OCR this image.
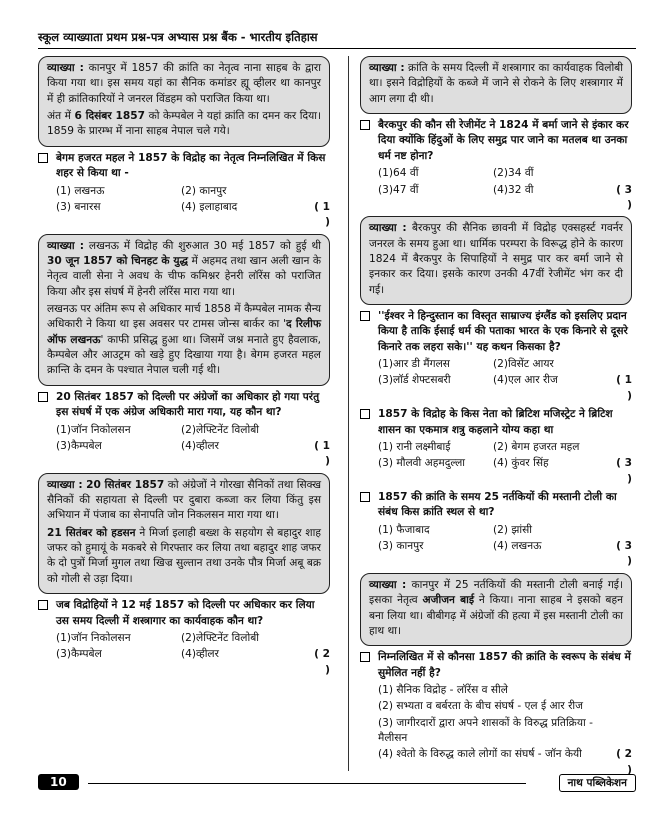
स्कूल व्याख्याता प्रथम प्रश्न-पत्र अभ्यास प्रश्न बैंक - भारतीय इतिहास

व्याख्या : कानपुर में 1857 की क्रांति का नेतृत्व नाना साहब के द्वारा किया गया था। इस समय यहां का सैनिक कमांडर ह्यू व्हीलर था कानपुर में ही क्रांतिकारियों ने जनरल विंडहम को पराजित किया था।

अंत में 6 दिसंबर 1857 को केम्पबेल ने यहां क्रांति का दमन कर दिया। 1859 के प्रारम्भ में नाना साहब नेपाल चले गये।

बेगम हजरत महल ने 1857 के विद्रोह का नेतृत्व निम्नलिखित में किस शहर से किया था -
(1) लखनऊ	(2) कानपुर
(3) बनारस	(4) इलाहाबाद	( 1 )

व्याख्या : लखनऊ में विद्रोह की शुरुआत 30 मई 1857 को हुई थी 30 जून 1857 को चिनहट के युद्ध में अहमद तथा खान अली खान के नेतृत्व वाली सेना ने अवध के चीफ कमिश्नर हेनरी लॉरेंस को पराजित किया और इस संघर्ष में हेनरी लॉरेंस मारा गया था।

लखनऊ पर अंतिम रूप से अधिकार मार्च 1858 में कैम्पबेल नामक सैन्य अधिकारी ने किया था इस अवसर पर टामस जोन्स बार्कर का 'द रिलीफ ऑफ लखनऊ' काफी प्रसिद्ध हुआ था। जिसमें जश्न मनाते हुए हैवलाक, कैम्पबेल और आउट्रम को खड़े हुए दिखाया गया है। बेगम हजरत महल क्रान्ति के दमन के पश्चात नेपाल चली गई थी।

20 सितंबर 1857 को दिल्ली पर अंग्रेजों का अधिकार हो गया परंतु इस संघर्ष में एक अंग्रेज अधिकारी मारा गया, यह कौन था?
(1)जॉन निकोलसन	(2)लेफ्टिनेंट विलोबी
(3)कैम्पबेल	(4)व्हीलर	( 1 )

व्याख्या : 20 सितंबर 1857 को अंग्रेजों ने गोरखा सैनिकों तथा सिक्ख सैनिकों की सहायता से दिल्ली पर दुबारा कब्जा कर लिया किंतु इस अभियान में पंजाब का सेनापति जोन निकलसन मारा गया था।

21 सितंबर को हडसन ने मिर्जा इलाही बख्श के सहयोग से बहादुर शाह जफर को हुमायूं के मकबरे से गिरफ्तार कर लिया तथा बहादुर शाह जफर के दो पुत्रों मिर्जा मुगल तथा खिज्र सुल्तान तथा उनके पौत्र मिर्जा अबू बक्र को गोली से उड़ा दिया।

जब विद्रोहियों ने 12 मई 1857 को दिल्ली पर अधिकार कर लिया उस समय दिल्ली में शस्त्रागार का कार्यवाहक कौन था?
(1)जॉन निकोलसन	(2)लेफ्टिनेंट विलोबी
(3)कैम्पबेल	(4)व्हीलर	( 2 )

व्याख्या : क्रांति के समय दिल्ली में शस्त्रागार का कार्यवाहक विलोबी था। इसने विद्रोहियों के कब्जे में जाने से रोकने के लिए शस्त्रागार में आग लगा दी थी।

बैरकपुर की कौन सी रेजीमेंट ने 1824 में बर्मा जाने से इंकार कर दिया क्योंकि हिंदुओं के लिए समुद्र पार जाने का मतलब था उनका धर्म नष्ट होना?
(1)64 वीं	(2)34 वीं
(3)47 वीं	(4)32 वी	( 3 )

व्याख्या : बैरकपुर की सैनिक छावनी में विद्रोह एक्सहर्स्ट गवर्नर जनरल के समय हुआ था। धार्मिक परम्परा के विरूद्ध होने के कारण 1824 में बैरकपुर के सिपाहियों ने समुद्र पार कर बर्मा जाने से इनकार कर दिया। इसके कारण उनकी 47वीं रेजीमेंट भंग कर दी गई।

''ईश्वर ने हिन्दुस्तान का विस्तृत साम्राज्य इंग्लैंड को इसलिए प्रदान किया है ताकि ईसाई धर्म की पताका भारत के एक किनारे से दूसरे किनारे तक लहरा सके।'' यह कथन किसका है?
(1)आर डी मैंगलस	(2)विसेंट आयर
(3)लॉर्ड शेफ्टसबरी	(4)एल आर रीज	( 1 )
1857 के विद्रोह के किस नेता को ब्रिटिश मजिस्ट्रेट ने ब्रिटिश शासन का एकमात्र शत्रु कहलाने योग्य कहा था
(1) रानी लक्ष्मीबाई	(2) बेगम हजरत महल
(3) मौलवी अहमदुल्ला	(4) कुंवर सिंह	( 3 )
1857 की क्रांति के समय 25 नर्तकियों की मस्तानी टोली का संबंध किस क्रांति स्थल से था?
(1) फैजाबाद	(2) झांसी
(3) कानपुर	(4) लखनऊ	( 3 )

व्याख्या : कानपुर में 25 नर्तकियों की मस्तानी टोली बनाई गई। इसका नेतृत्व अजीजन बाई ने किया। नाना साहब ने इसको बहन बना लिया था। बीबीगढ़ में अंग्रेजों की हत्या में इस मस्तानी टोली का हाथ था।

निम्नलिखित में से कौनसा 1857 की क्रांति के स्वरूप के संबंध में सुमेलित नहीं है?
(1) सैनिक विद्रोह - लॉरेंस व सीले
(2) सभ्यता व बर्बरता के बीच संघर्ष - एल ई आर रीज
(3) जागीरदारों द्वारा अपने शासकों के विरुद्ध प्रतिक्रिया - मैलीसन
(4) श्वेतो के विरुद्ध काले लोगों का संघर्ष - जॉन केयी	( 2 )
10	नाथ पब्लिकेशन
